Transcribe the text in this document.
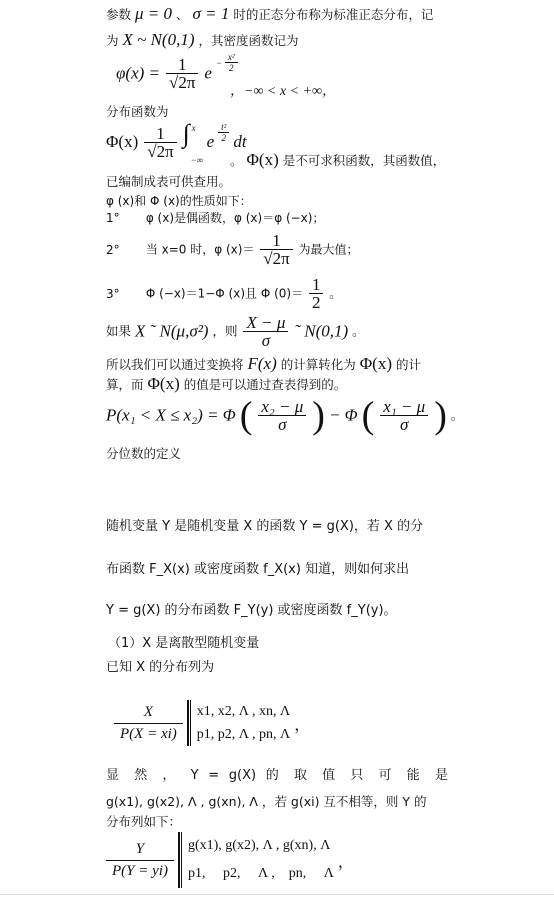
参数 μ = 0 、 σ = 1 时的正态分布称为标准正态分布，记
为 X ~ N(0,1) ，其密度函数记为
$\varphi(x) = \frac{1}{√2\pi}$ $e - \frac{\text{x²}}{2}$
，−∞ < x < +∞，
分布函数为
$\Phi(x) \frac{1}{√2\pi}$
∫ x
−∞
e $\frac{\text{t²}}{2}$ dt
。 Φ(x) 是不可求积函数，其函数值，
已编制成表可供查用。
φ (x)和 Φ (x)的性质如下：
1° φ (x)是偶函数，φ (x)＝φ (−x)；
2° 当 x=0 时，φ $(x)= \frac{1}{√2\pi}$ 为最大值；
3° Φ (−x)＝1−Φ (x)且 Φ $(0)= \frac{1}{2}$ 。
如果 X ˜ N(μ,σ²) ，则 $\frac{X - \mu}{\sigma}$ ˜ N(0,1) 。
所以我们可以通过变换将 F(x) 的计算转化为 Φ(x) 的计
算，而 Φ(x) 的值是可以通过查表得到的。
P(x₁ < X ≤ x₂) = Φ ( $\frac{\text{x₂ − μ}}{\sigma}$ ) − Φ ( $\frac{\text{x₁ − μ}}{\sigma}$ ) 。
分位数的定义
随机变量 Y 是随机变量 X 的函数 Y = g(X)，若 X 的分
布函数 F_X(x) 或密度函数 f_X(x) 知道，则如何求出
Y = g(X) 的分布函数 F_Y(y) 或密度函数 f_Y(y)。
（1）X 是离散型随机变量
已知 X 的分布列为
X
P(X = xi)
x1, x2, Λ , xn, Λ
p1, p2, Λ , pn, Λ
，
显 然 ， Y = g(X) 的 取 值 只 可 能 是
g(x1), g(x2), Λ , g(xn), Λ ，若 g(xi) 互不相等，则 Y 的
分布列如下：
Y
P(Y = yi)
g(x1), g(x2), Λ , g(xn), Λ
p1,     p2,     Λ ,    pn,     Λ
，
